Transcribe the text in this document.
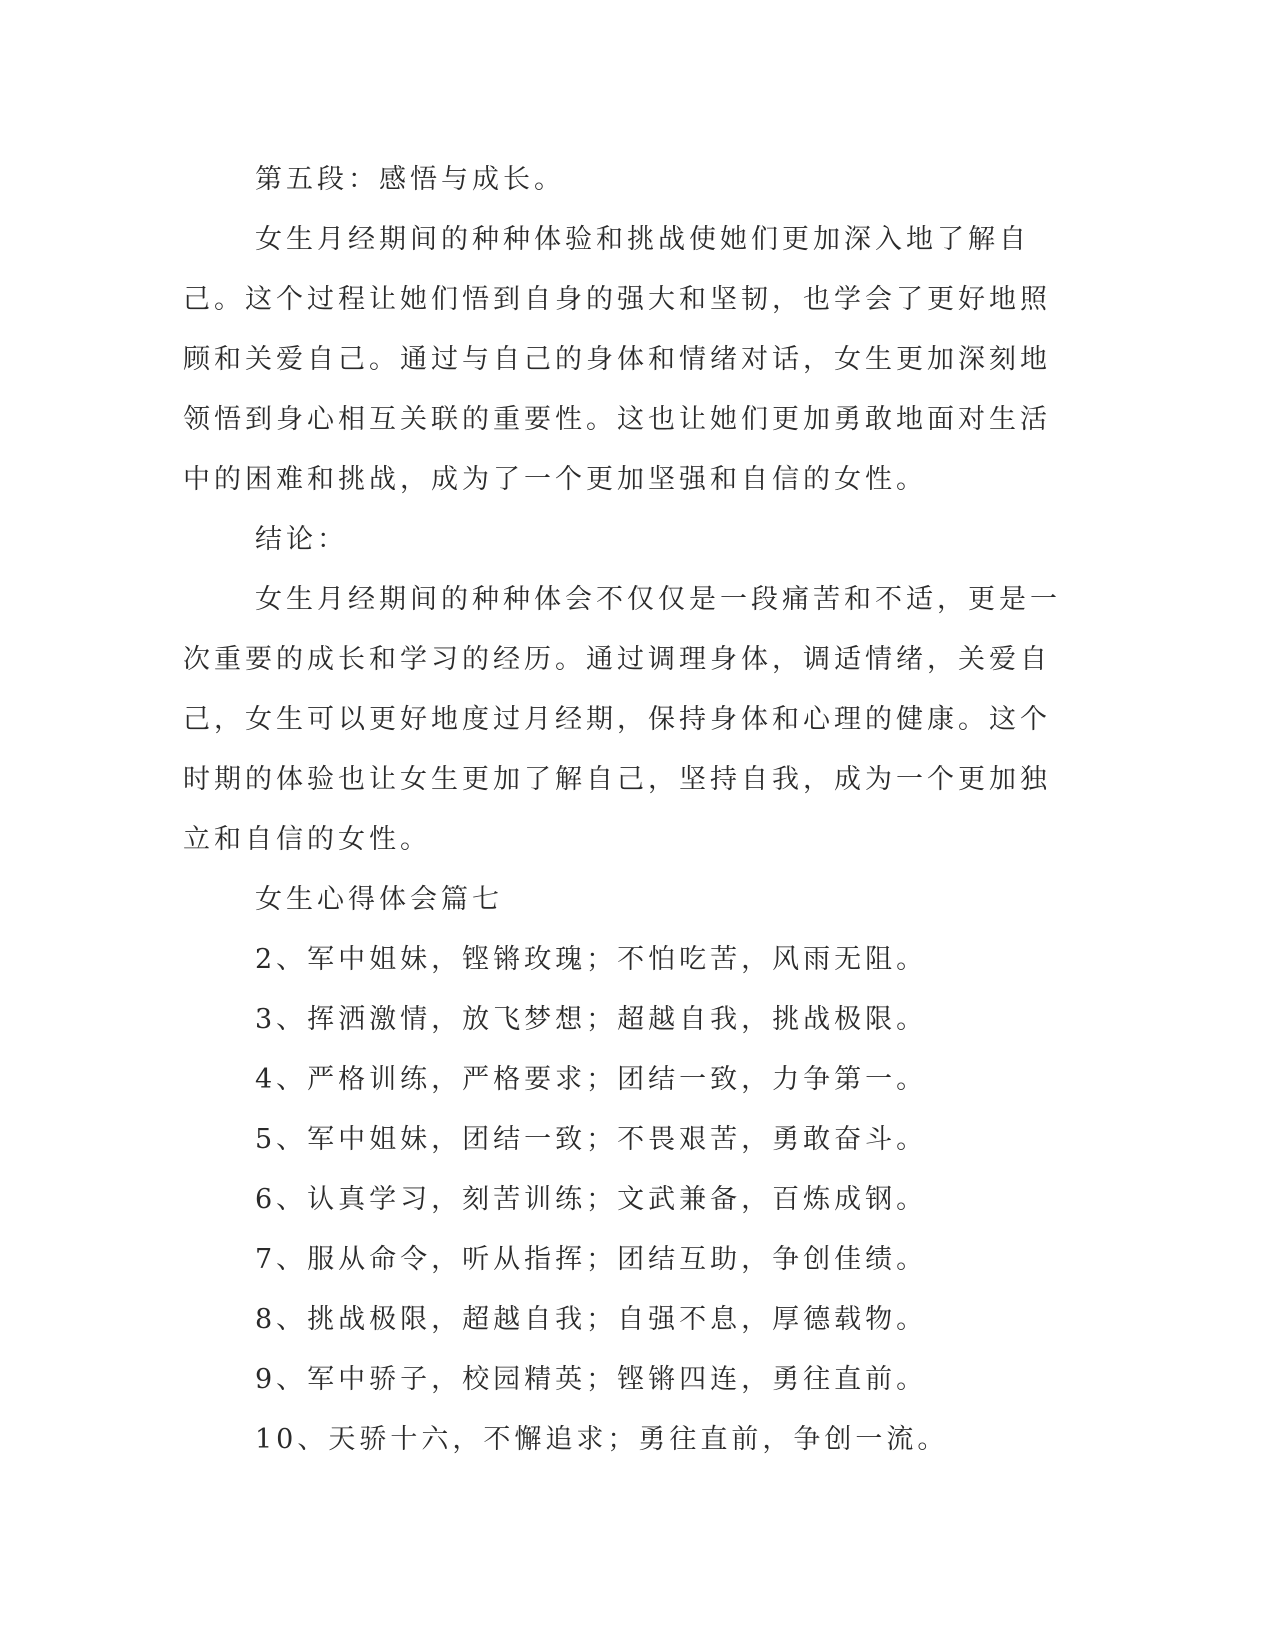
第五段：感悟与成长。

女生月经期间的种种体验和挑战使她们更加深入地了解自己。这个过程让她们悟到自身的强大和坚韧，也学会了更好地照顾和关爱自己。通过与自己的身体和情绪对话，女生更加深刻地领悟到身心相互关联的重要性。这也让她们更加勇敢地面对生活中的困难和挑战，成为了一个更加坚强和自信的女性。

结论：

女生月经期间的种种体会不仅仅是一段痛苦和不适，更是一次重要的成长和学习的经历。通过调理身体，调适情绪，关爱自己，女生可以更好地度过月经期，保持身体和心理的健康。这个时期的体验也让女生更加了解自己，坚持自我，成为一个更加独立和自信的女性。

女生心得体会篇七

2、军中姐妹，铿锵玫瑰；不怕吃苦，风雨无阻。

3、挥洒激情，放飞梦想；超越自我，挑战极限。

4、严格训练，严格要求；团结一致，力争第一。

5、军中姐妹，团结一致；不畏艰苦，勇敢奋斗。

6、认真学习，刻苦训练；文武兼备，百炼成钢。

7、服从命令，听从指挥；团结互助，争创佳绩。

8、挑战极限，超越自我；自强不息，厚德载物。

9、军中骄子，校园精英；铿锵四连，勇往直前。

10、天骄十六，不懈追求；勇往直前，争创一流。
